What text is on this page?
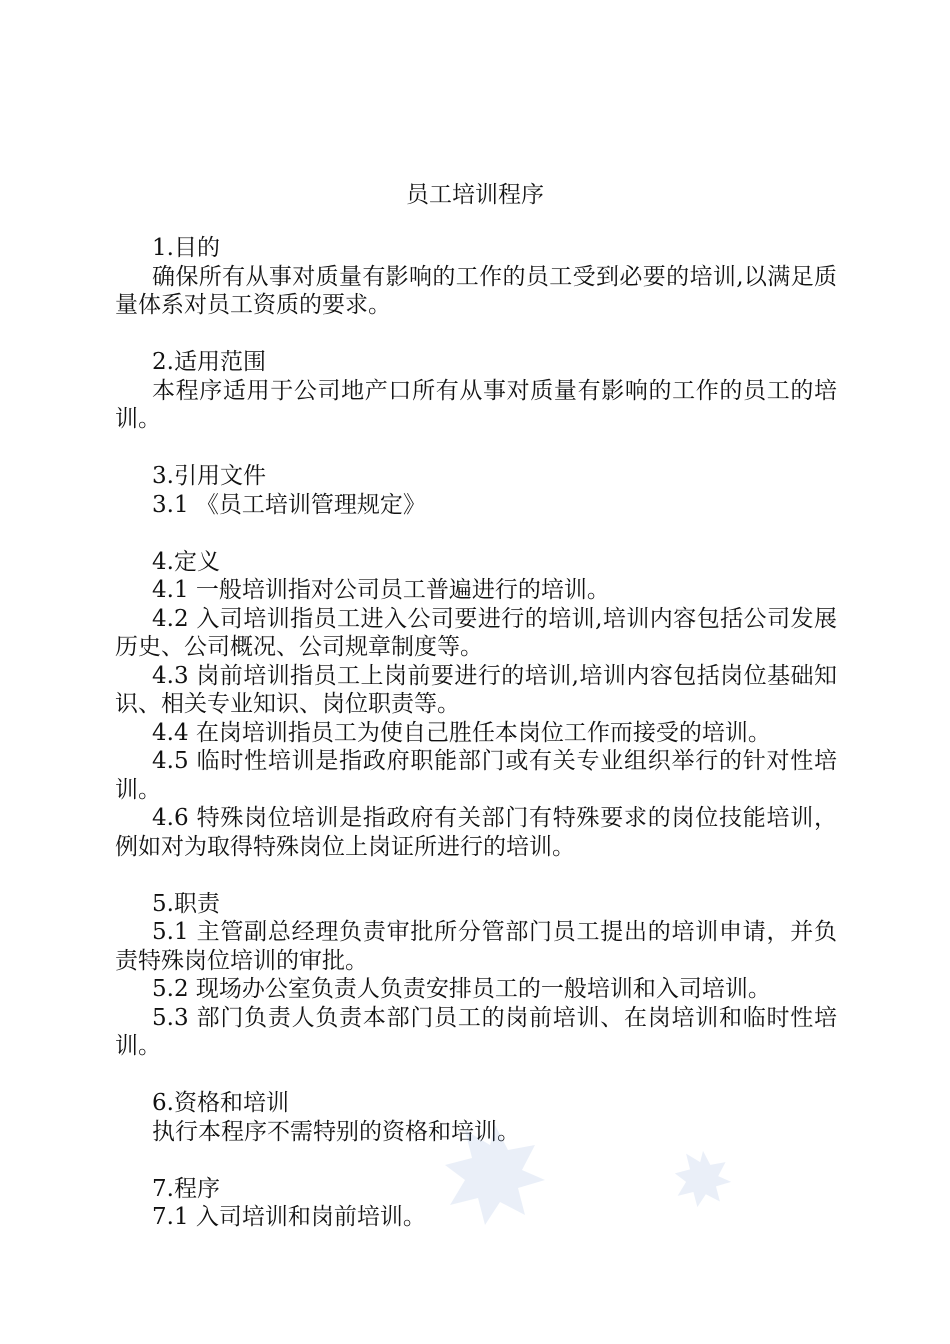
员工培训程序

1.目的

确保所有从事对质量有影响的工作的员工受到必要的培训,以满足质量体系对员工资质的要求。

2.适用范围

本程序适用于公司地产口所有从事对质量有影响的工作的员工的培训。

3.引用文件

3.1 《员工培训管理规定》

4.定义

4.1 一般培训指对公司员工普遍进行的培训。

4.2 入司培训指员工进入公司要进行的培训,培训内容包括公司发展历史、公司概况、公司规章制度等。

4.3 岗前培训指员工上岗前要进行的培训,培训内容包括岗位基础知识、相关专业知识、岗位职责等。

4.4 在岗培训指员工为使自己胜任本岗位工作而接受的培训。

4.5 临时性培训是指政府职能部门或有关专业组织举行的针对性培训。

4.6 特殊岗位培训是指政府有关部门有特殊要求的岗位技能培训，例如对为取得特殊岗位上岗证所进行的培训。

5.职责

5.1 主管副总经理负责审批所分管部门员工提出的培训申请，并负责特殊岗位培训的审批。

5.2 现场办公室负责人负责安排员工的一般培训和入司培训。

5.3 部门负责人负责本部门员工的岗前培训、在岗培训和临时性培训。

6.资格和培训

执行本程序不需特别的资格和培训。

7.程序

7.1 入司培训和岗前培训。
